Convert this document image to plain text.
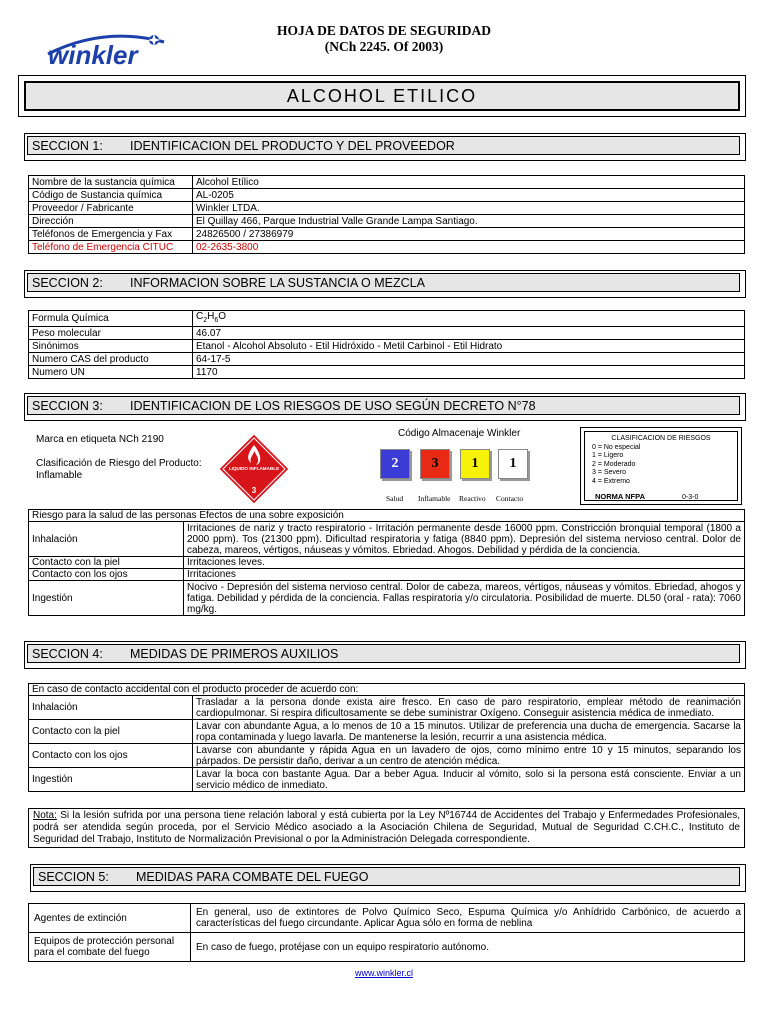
winkler
HOJA DE DATOS DE SEGURIDAD
(NCh 2245. Of 2003)
ALCOHOL ETILICO
SECCION 1:	IDENTIFICACION DEL PRODUCTO Y DEL PROVEEDOR
Nombre de la sustancia química	Alcohol Etílico
Código de Sustancia química	AL-0205
Proveedor / Fabricante	Winkler LTDA.
Dirección	El Quillay 466, Parque Industrial Valle Grande Lampa Santiago.
Teléfonos de Emergencia y Fax	24826500 / 27386979
Teléfono de Emergencia CITUC	02-2635-3800
SECCION 2:	INFORMACION SOBRE LA SUSTANCIA O MEZCLA
Formula Química	$C_2H_6O$
Peso molecular	46.07
Sinónimos	Etanol - Alcohol Absoluto - Etil Hidróxido - Metil Carbinol - Etil Hidrato
Numero CAS del producto	64-17-5
Numero UN	1170
SECCION 3:	IDENTIFICACION DE LOS RIESGOS DE USO SEGÚN DECRETO N°78
Marca en etiqueta NCh 2190
Clasificación de Riesgo del Producto:
Inflamable
LIQUIDO INFLAMABLE
3
Código Almacenaje Winkler
2	3	1	1
Salud Inflamable Reactivo Contacto
CLASIFICACION DE RIESGOS
0 = No especial
1 = Ligero
2 = Moderado
3 = Severo
4 = Extremo
NORMA NFPA	0-3-0
Riesgo para la salud de las personas Efectos de una sobre exposición	
Inhalación	Irritaciones de nariz y tracto respiratorio - Irritación permanente desde 16000 ppm. Constricción bronquial temporal (1800 a 2000 ppm). Tos (21300 ppm). Dificultad respiratoria y fatiga (8840 ppm). Depresión del sistema nervioso central. Dolor de cabeza, mareos, vértigos, náuseas y vómitos. Ebriedad. Ahogos. Debilidad y pérdida de la conciencia.
Contacto con la piel	Irritaciones leves.
Contacto con los ojos	Irritaciones
Ingestión	Nocivo - Depresión del sistema nervioso central. Dolor de cabeza, mareos, vértigos, náuseas y vómitos. Ebriedad, ahogos y fatiga. Debilidad y pérdida de la conciencia. Fallas respiratoria y/o circulatoria. Posibilidad de muerte. DL50 (oral - rata): 7060 mg/kg.
SECCION 4:	MEDIDAS DE PRIMEROS AUXILIOS
En caso de contacto accidental con el producto proceder de acuerdo con:	
Inhalación	Trasladar a la persona donde exista aire fresco. En caso de paro respiratorio, emplear método de reanimación cardiopulmonar. Si respira dificultosamente se debe suministrar Oxígeno. Conseguir asistencia médica de inmediato.
Contacto con la piel	Lavar con abundante Agua, a lo menos de 10 a 15 minutos. Utilizar de preferencia una ducha de emergencia. Sacarse la ropa contaminada y luego lavarla. De mantenerse la lesión, recurrir a una asistencia médica.
Contacto con los ojos	Lavarse con abundante y rápida Agua en un lavadero de ojos, como mínimo entre 10 y 15 minutos, separando los párpados. De persistir daño, derivar a un centro de atención médica.
Ingestión	Lavar la boca con bastante Agua. Dar a beber Agua. Inducir al vómito, solo si la persona está consciente. Enviar a un servicio médico de inmediato.
Nota: Si la lesión sufrida por una persona tiene relación laboral y está cubierta por la Ley Nº16744 de Accidentes del Trabajo y Enfermedades Profesionales, podrá ser atendida según proceda, por el Servicio Médico asociado a la Asociación Chilena de Seguridad, Mutual de Seguridad C.CH.C., Instituto de Seguridad del Trabajo, Instituto de Normalización Previsional o por la Administración Delegada correspondiente.
SECCION 5:	MEDIDAS PARA COMBATE DEL FUEGO
Agentes de extinción	En general, uso de extintores de Polvo Químico Seco, Espuma Química y/o Anhídrido Carbónico, de acuerdo a características del fuego circundante. Aplicar Agua sólo en forma de neblina
Equipos de protección personal para el combate del fuego	En caso de fuego, protéjase con un equipo respiratorio autónomo.
www.winkler.cl
